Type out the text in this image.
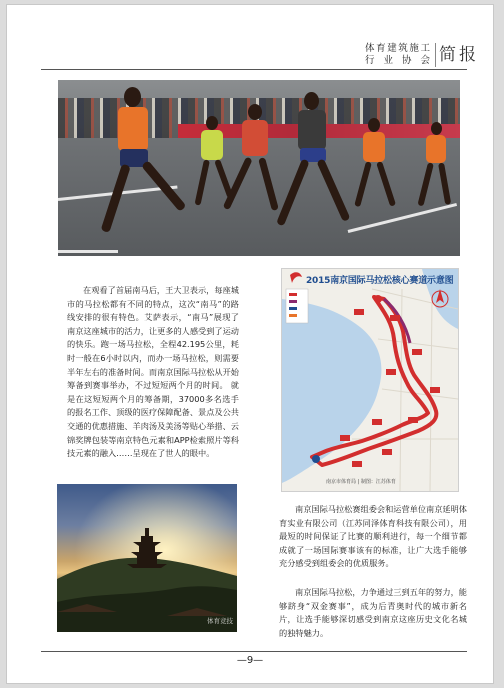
体育建筑施工
行 业 协 会 简报
在观看了首届南马后，王大卫表示，每座城市的马拉松都有不同的特点，这次“南马”的路线安排的很有特色。艾萨表示，“南马”展现了南京这座城市的活力，让更多的人感受到了运动的快乐。跑一场马拉松，全程42.195公里，耗时一般在6小时以内，而办一场马拉松，则需要半年左右的准备时间。而南京国际马拉松从开始筹备到赛事举办，不过短短两个月的时间。 就是在这短短两个月的筹备期，37000多名选手的报名工作、顶级的医疗保障配备、景点及公共交通的优惠措施、羊肉汤及美汤等贴心举措、云锦奖牌包装等南京特色元素和APP检索照片等科技元素的融入……呈现在了世人的眼中。
2015南京国际马拉松核心赛道示意图
南京市体育局 | 制图：江苏体育
体育竞技
南京国际马拉松赛组委会和运营单位南京延明体育实业有限公司（江苏同泽体育科技有限公司），用最短的时间保证了比赛的顺利进行，每一个细节都成就了一场国际赛事该有的标准，让广大选手能够充分感受到组委会的优质服务。
南京国际马拉松，力争通过三到五年的努力，能够跻身“双金赛事”，成为后青奥时代的城市新名片，让选手能够深切感受到南京这座历史文化名城的独特魅力。
—9—
